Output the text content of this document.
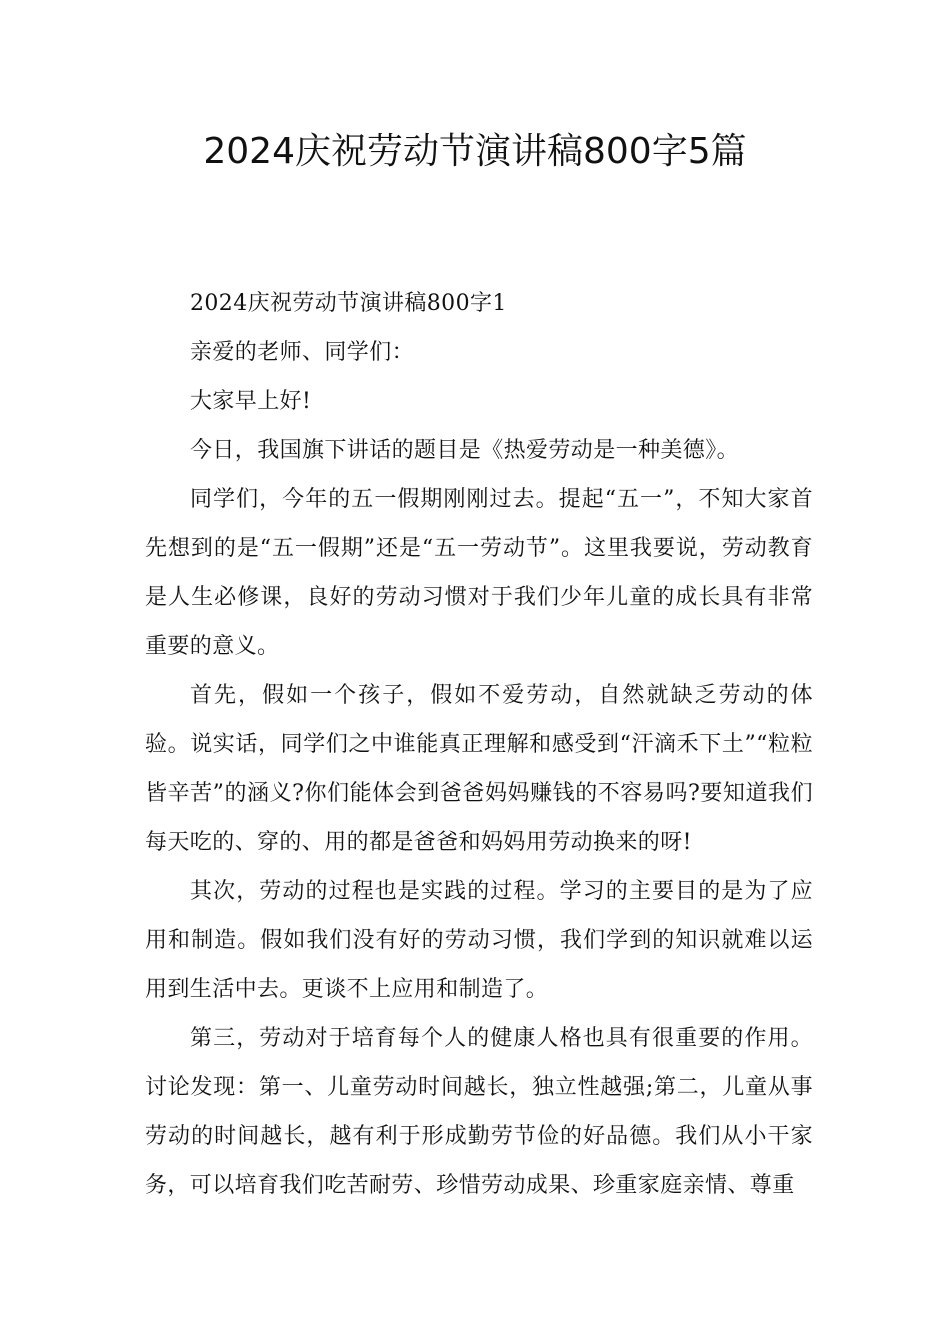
2024庆祝劳动节演讲稿800字5篇

2024庆祝劳动节演讲稿800字1

亲爱的老师、同学们：

大家早上好!

今日，我国旗下讲话的题目是《热爱劳动是一种美德》。

同学们，今年的五一假期刚刚过去。提起“五一”，不知大家首先想到的是“五一假期”还是“五一劳动节”。这里我要说，劳动教育是人生必修课，良好的劳动习惯对于我们少年儿童的成长具有非常重要的意义。

首先，假如一个孩子，假如不爱劳动，自然就缺乏劳动的体验。说实话，同学们之中谁能真正理解和感受到“汗滴禾下土”“粒粒皆辛苦”的涵义?你们能体会到爸爸妈妈赚钱的不容易吗?要知道我们每天吃的、穿的、用的都是爸爸和妈妈用劳动换来的呀!

其次，劳动的过程也是实践的过程。学习的主要目的是为了应用和制造。假如我们没有好的劳动习惯，我们学到的知识就难以运用到生活中去。更谈不上应用和制造了。

第三，劳动对于培育每个人的健康人格也具有很重要的作用。讨论发现：第一、儿童劳动时间越长，独立性越强;第二，儿童从事劳动的时间越长，越有利于形成勤劳节俭的好品德。我们从小干家务，可以培育我们吃苦耐劳、珍惜劳动成果、珍重家庭亲情、尊重
